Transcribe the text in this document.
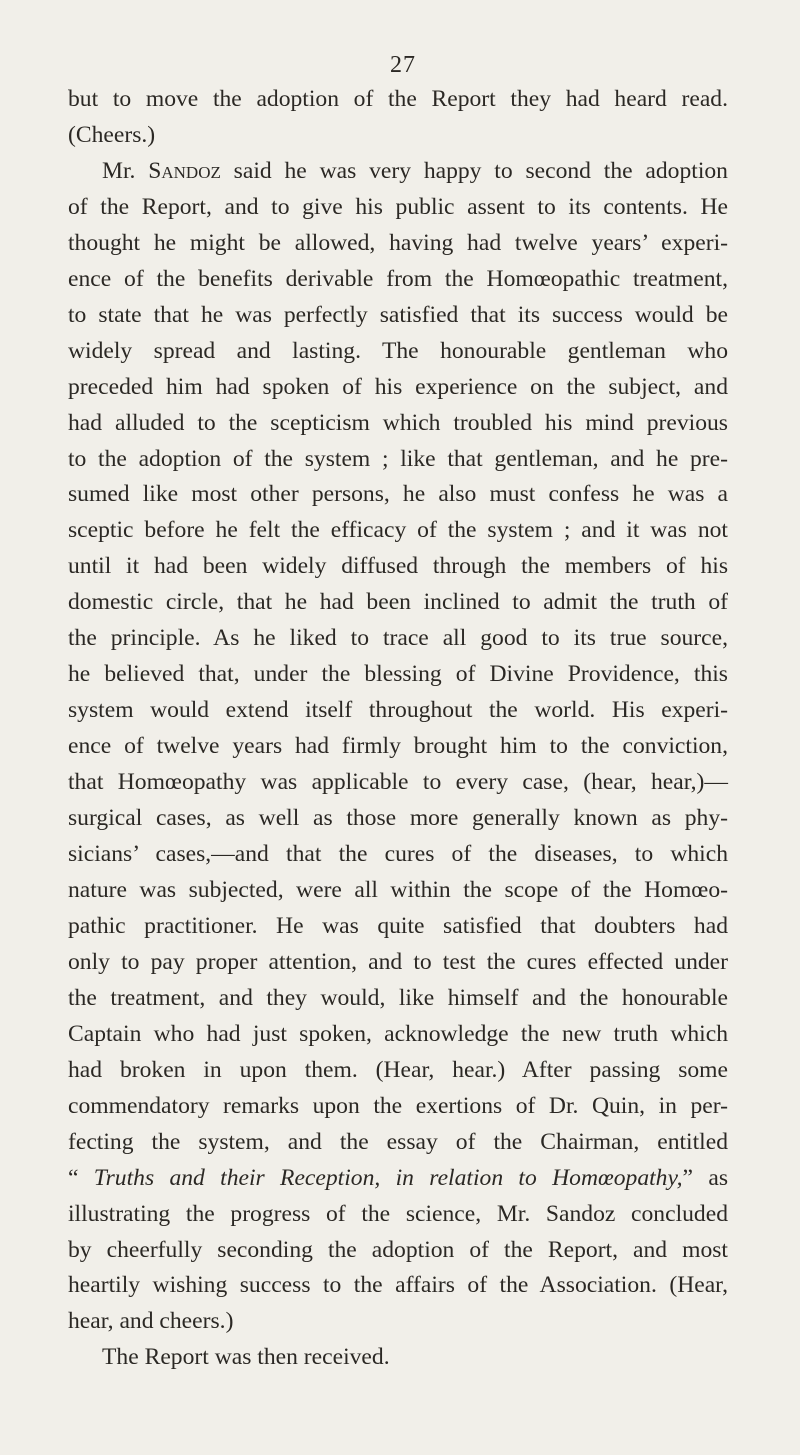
27
but to move the adoption of the Report they had heard read.
(Cheers.)
Mr. Sandoz said he was very happy to second the adoption
of the Report, and to give his public assent to its contents. He
thought he might be allowed, having had twelve years’ experi-
ence of the benefits derivable from the Homœopathic treatment,
to state that he was perfectly satisfied that its success would be
widely spread and lasting. The honourable gentleman who
preceded him had spoken of his experience on the subject, and
had alluded to the scepticism which troubled his mind previous
to the adoption of the system ; like that gentleman, and he pre-
sumed like most other persons, he also must confess he was a
sceptic before he felt the efficacy of the system ; and it was not
until it had been widely diffused through the members of his
domestic circle, that he had been inclined to admit the truth of
the principle. As he liked to trace all good to its true source,
he believed that, under the blessing of Divine Providence, this
system would extend itself throughout the world. His experi-
ence of twelve years had firmly brought him to the conviction,
that Homœopathy was applicable to every case, (hear, hear,)—
surgical cases, as well as those more generally known as phy-
sicians’ cases,—and that the cures of the diseases, to which
nature was subjected, were all within the scope of the Homœo-
pathic practitioner. He was quite satisfied that doubters had
only to pay proper attention, and to test the cures effected under
the treatment, and they would, like himself and the honourable
Captain who had just spoken, acknowledge the new truth which
had broken in upon them. (Hear, hear.) After passing some
commendatory remarks upon the exertions of Dr. Quin, in per-
fecting the system, and the essay of the Chairman, entitled
“ Truths and their Reception, in relation to Homœopathy,” as
illustrating the progress of the science, Mr. Sandoz concluded
by cheerfully seconding the adoption of the Report, and most
heartily wishing success to the affairs of the Association. (Hear,
hear, and cheers.)
The Report was then received.
